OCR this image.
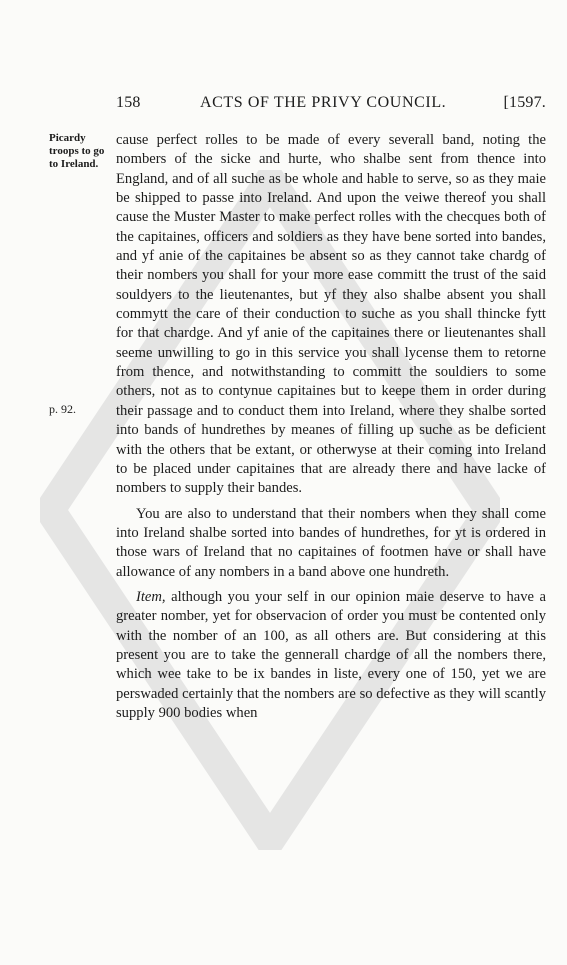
158	ACTS OF THE PRIVY COUNCIL.	[1597.
Picardy troops to go to Ireland.
p. 92.

cause perfect rolles to be made of every severall band, noting the nombers of the sicke and hurte, who shalbe sent from thence into England, and of all suche as be whole and hable to serve, so as they maie be shipped to passe into Ireland. And upon the veiwe thereof you shall cause the Muster Master to make perfect rolles with the checques both of the capitaines, officers and soldiers as they have bene sorted into bandes, and yf anie of the capitaines be absent so as they cannot take chardg of their nombers you shall for your more ease committ the trust of the said souldyers to the lieutenantes, but yf they also shalbe absent you shall commytt the care of their conduction to suche as you shall thincke fytt for that chardge. And yf anie of the capitaines there or lieutenantes shall seeme unwilling to go in this service you shall lycense them to retorne from thence, and notwithstanding to committ the souldiers to some others, not as to contynue capitaines but to keepe them in order during their passage and to conduct them into Ireland, where they shalbe sorted into bands of hundrethes by meanes of filling up suche as be deficient with the others that be extant, or otherwyse at their coming into Ireland to be placed under capitaines that are already there and have lacke of nombers to supply their bandes.

You are also to understand that their nombers when they shall come into Ireland shalbe sorted into bandes of hundrethes, for yt is ordered in those wars of Ireland that no capitaines of footmen have or shall have allowance of any nombers in a band above one hundreth.

Item, although you your self in our opinion maie deserve to have a greater nomber, yet for observacion of order you must be contented only with the nomber of an 100, as all others are. But considering at this present you are to take the gennerall chardge of all the nombers there, which wee take to be ix bandes in liste, every one of 150, yet we are perswaded certainly that the nombers are so defective as they will scantly supply 900 bodies when
